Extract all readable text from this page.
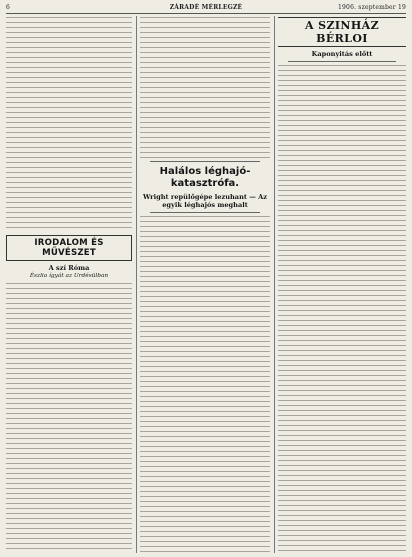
6	ZÁRADÉ MÉRLEGZÉ	1906. szeptember 19
IRODALOM ÉS MŰVÉSZET
A szí Róma
Észlia ígyát az Urdésülban
Halálos léghajó-katasztrófa.
Wright repülőgépe lezuhant — Az egyik léghajós meghalt
A SZINHÁZ BÉRLOI
Kaponyitás előtt
